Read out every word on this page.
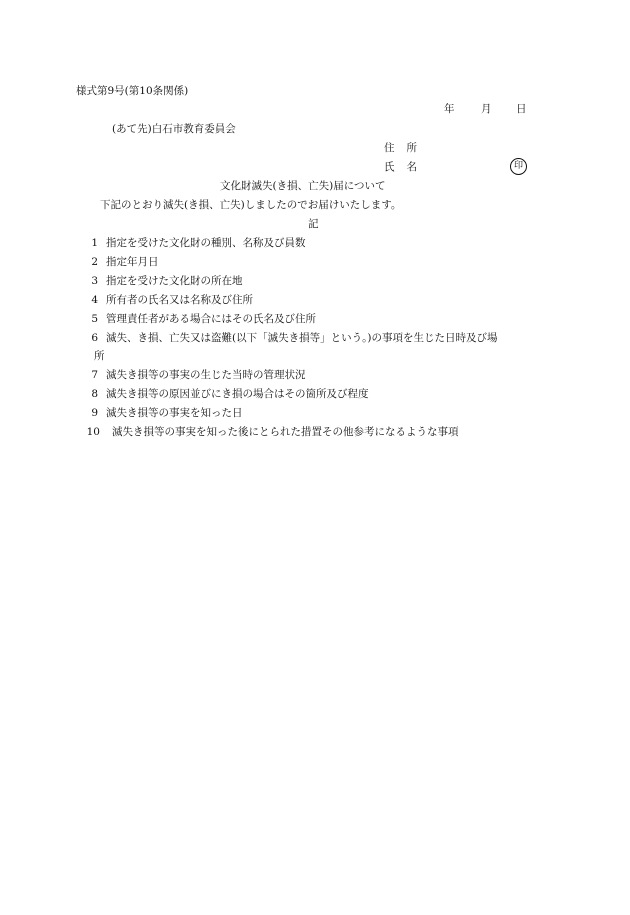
様式第9号(第10条関係)
年	月 日
(あて先)白石市教育委員会
住 所
氏 名	印
文化財滅失(き損、亡失)届について
下記のとおり滅失(き損、亡失)しましたのでお届けいたします。
記
1 指定を受けた文化財の種別、名称及び員数
2 指定年月日
3 指定を受けた文化財の所在地
4 所有者の氏名又は名称及び住所
5 管理責任者がある場合にはその氏名及び住所
6 滅失、き損、亡失又は盗難(以下「滅失き損等」という。)の事項を生じた日時及び場
所
7 滅失き損等の事実の生じた当時の管理状況
8 滅失き損等の原因並びにき損の場合はその箇所及び程度
9 滅失き損等の事実を知った日
10 滅失き損等の事実を知った後にとられた措置その他参考になるような事項
